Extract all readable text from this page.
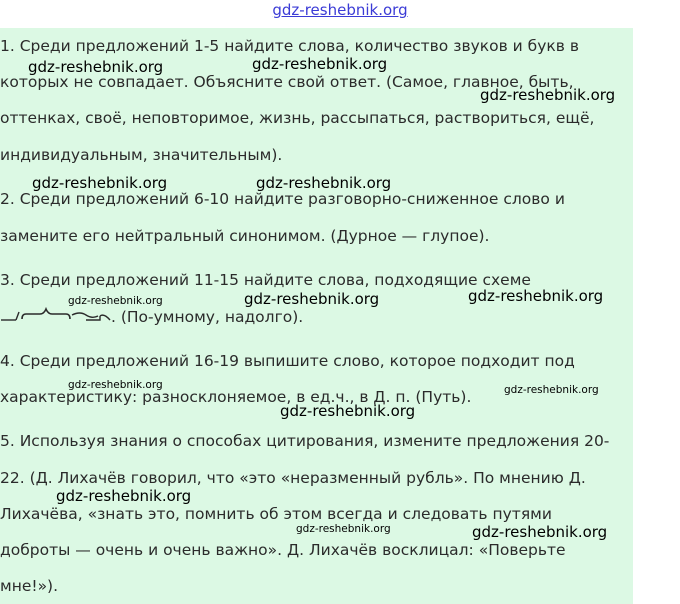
gdz-reshebnik.org
1. Среди предложений 1-5 найдите слова, количество звуков и букв в
которых не совпадает. Объясните свой ответ. (Самое, главное, быть,
оттенках, своё, неповторимое, жизнь, рассыпаться, раствориться, ещё,
индивидуальным, значительным).
2. Среди предложений 6-10 найдите разговорно-сниженное слово и
замените его нейтральный синонимом. (Дурное — глупое).
3. Среди предложений 11-15 найдите слова, подходящие схеме
. (По-умному, надолго).
4. Среди предложений 16-19 выпишите слово, которое подходит под
характеристику: разносклоняемое, в ед.ч., в Д. п. (Путь).
5. Используя знания о способах цитирования, измените предложения 20-
22. (Д. Лихачёв говорил, что «это «неразменный рубль». По мнению Д.
Лихачёва, «знать это, помнить об этом всегда и следовать путями
доброты — очень и очень важно». Д. Лихачёв восклицал: «Поверьте
мне!»).
gdz-reshebnik.org	gdz-reshebnik.org
gdz-reshebnik.org
gdz-reshebnik.org	gdz-reshebnik.org
gdz-reshebnik.org	gdz-reshebnik.org	gdz-reshebnik.org
gdz-reshebnik.org	gdz-reshebnik.org
gdz-reshebnik.org
gdz-reshebnik.org
gdz-reshebnik.org	gdz-reshebnik.org
